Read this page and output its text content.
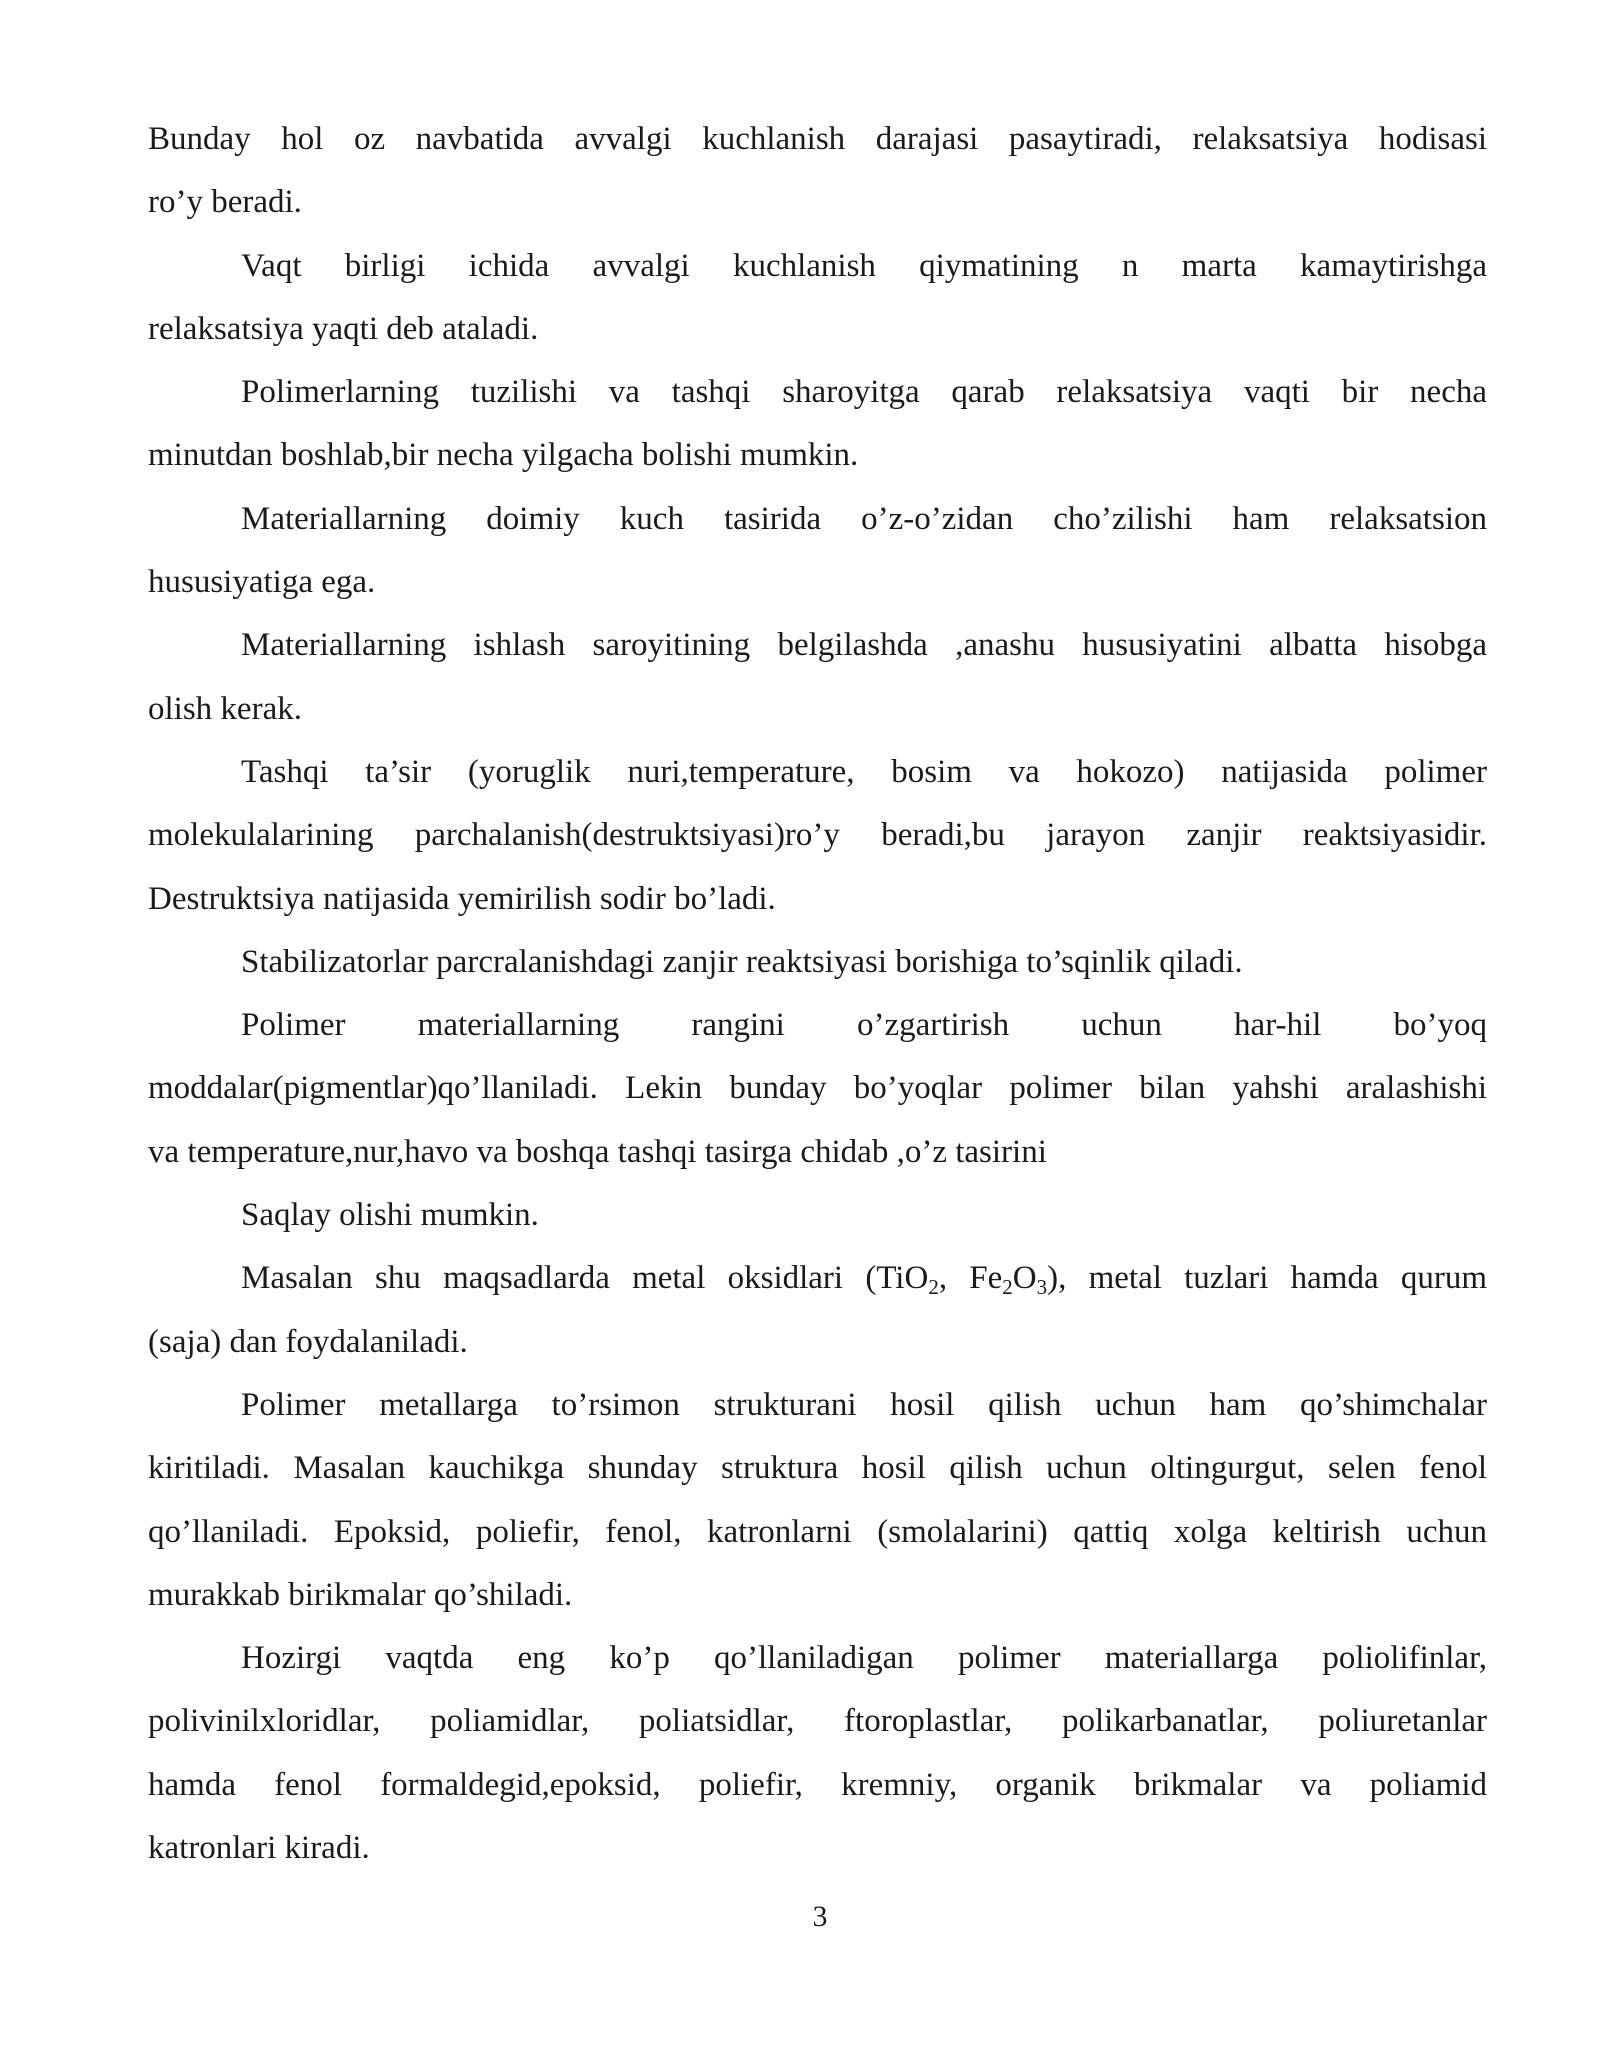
Bunday hol oz navbatida avvalgi kuchlanish darajasi pasaytiradi, relaksatsiya hodisasi
ro’y beradi.

Vaqt birligi ichida avvalgi kuchlanish qiymatining n marta kamaytirishga
relaksatsiya yaqti deb ataladi.

Polimerlarning tuzilishi va tashqi sharoyitga qarab relaksatsiya vaqti bir necha
minutdan boshlab,bir necha yilgacha bolishi mumkin.

Materiallarning doimiy kuch tasirida o’z-o’zidan cho’zilishi ham relaksatsion
hususiyatiga ega.

Materiallarning ishlash saroyitining belgilashda ,anashu hususiyatini albatta hisobga
olish kerak.

Tashqi ta’sir (yoruglik nuri,temperature, bosim va hokozo) natijasida polimer
molekulalarining parchalanish(destruktsiyasi)ro’y beradi,bu jarayon zanjir reaktsiyasidir.
Destruktsiya natijasida yemirilish sodir bo’ladi.

Stabilizatorlar parcralanishdagi zanjir reaktsiyasi borishiga to’sqinlik qiladi.

Polimer materiallarning rangini o’zgartirish uchun har-hil bo’yoq
moddalar(pigmentlar)qo’llaniladi. Lekin bunday bo’yoqlar polimer bilan yahshi aralashishi
va temperature,nur,havo va boshqa tashqi tasirga chidab ,o’z tasirini

Saqlay olishi mumkin.

Masalan shu maqsadlarda metal oksidlari (TiO$_2$, $Fe_2O_3$), metal tuzlari hamda qurum
(saja) dan foydalaniladi.

Polimer metallarga to’rsimon strukturani hosil qilish uchun ham qo’shimchalar
kiritiladi. Masalan kauchikga shunday struktura hosil qilish uchun oltingurgut, selen fenol
qo’llaniladi. Epoksid, poliefir, fenol, katronlarni (smolalarini) qattiq xolga keltirish uchun
murakkab birikmalar qo’shiladi.

Hozirgi vaqtda eng ko’p qo’llaniladigan polimer materiallarga poliolifinlar,
polivinilxloridlar, poliamidlar, poliatsidlar, ftoroplastlar, polikarbanatlar, poliuretanlar
hamda fenol formaldegid,epoksid, poliefir, kremniy, organik brikmalar va poliamid
katronlari kiradi.

3
